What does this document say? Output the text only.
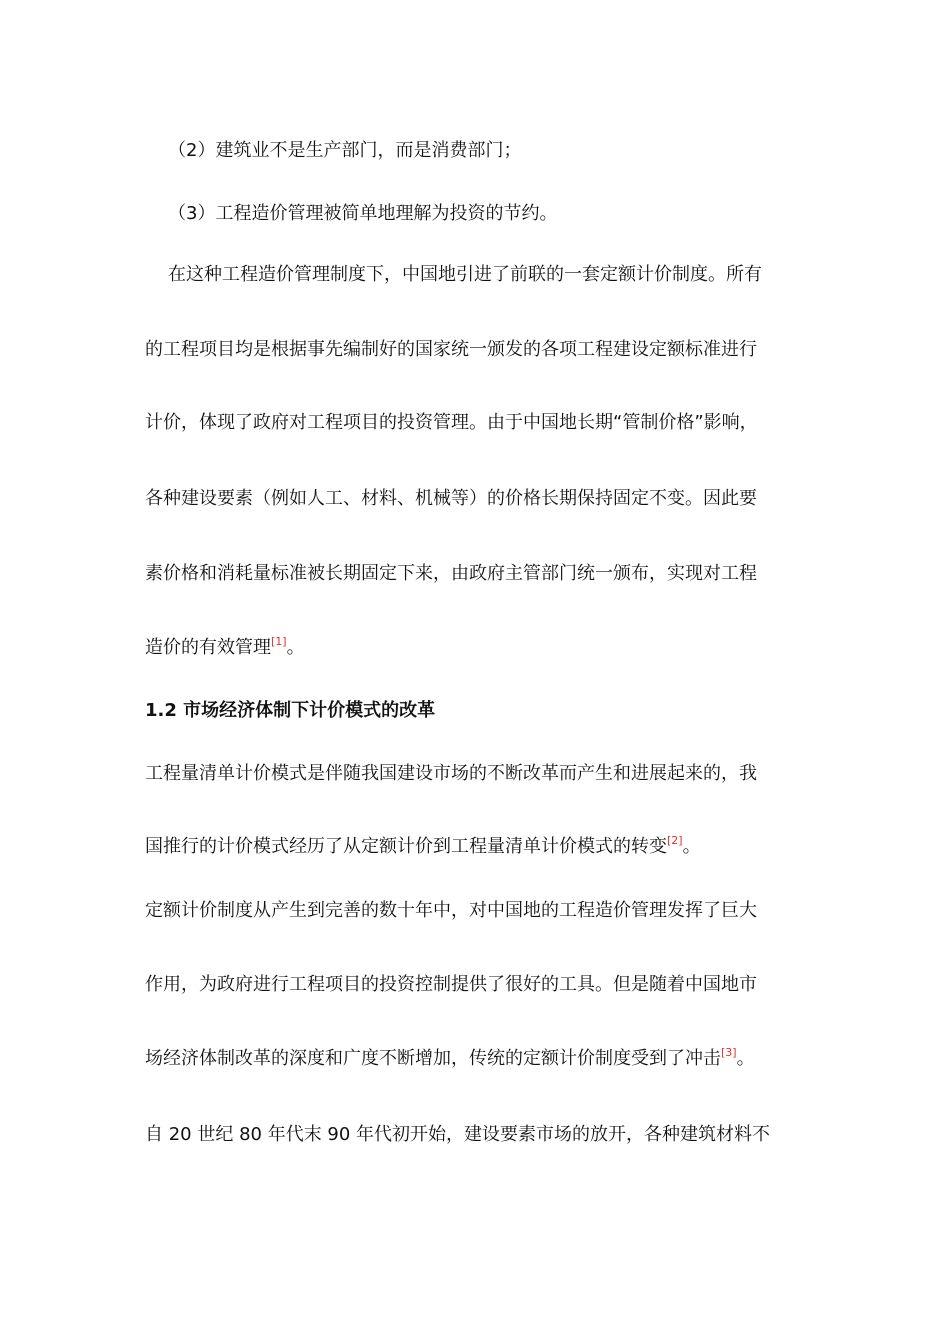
（2）建筑业不是生产部门，而是消费部门；
（3）工程造价管理被简单地理解为投资的节约。
在这种工程造价管理制度下，中国地引进了前联的一套定额计价制度。所有
的工程项目均是根据事先编制好的国家统一颁发的各项工程建设定额标准进行
计价，体现了政府对工程项目的投资管理。由于中国地长期“管制价格”影响，
各种建设要素（例如人工、材料、机械等）的价格长期保持固定不变。因此要
素价格和消耗量标准被长期固定下来，由政府主管部门统一颁布，实现对工程
造价的有效管理[1]。
1.2 市场经济体制下计价模式的改革
工程量清单计价模式是伴随我国建设市场的不断改革而产生和进展起来的，我
国推行的计价模式经历了从定额计价到工程量清单计价模式的转变[2]。
定额计价制度从产生到完善的数十年中，对中国地的工程造价管理发挥了巨大
作用，为政府进行工程项目的投资控制提供了很好的工具。但是随着中国地市
场经济体制改革的深度和广度不断增加，传统的定额计价制度受到了冲击[3]。
自 20 世纪 80 年代末 90 年代初开始，建设要素市场的放开，各种建筑材料不
